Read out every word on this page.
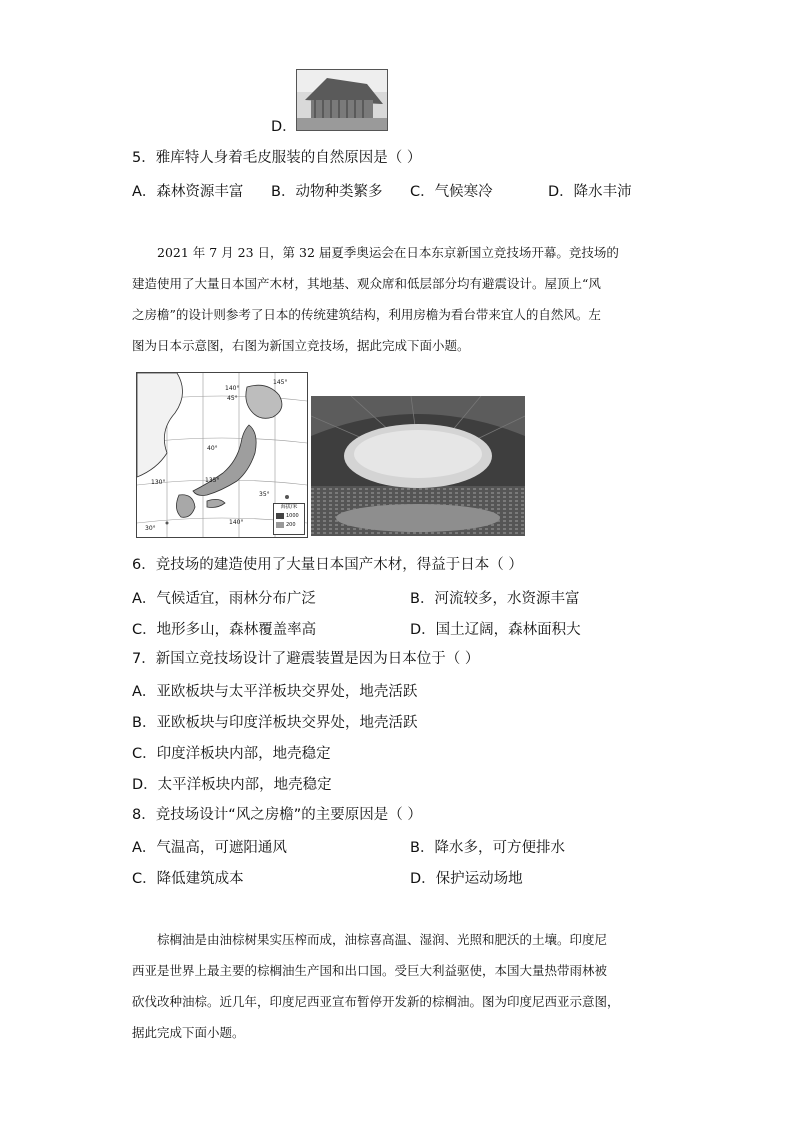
D．
5．雅库特人身着毛皮服装的自然原因是（ ）
A．森林资源丰富 B．动物种类繁多 C．气候寒冷	D．降水丰沛
2021 年 7 月 23 日，第 32 届夏季奥运会在日本东京新国立竞技场开幕。竞技场的
建造使用了大量日本国产木材，其地基、观众席和低层部分均有避震设计。屋顶上“风
之房檐”的设计则参考了日本的传统建筑结构，利用房檐为看台带来宜人的自然风。左
图为日本示意图，右图为新国立竞技场，据此完成下面小题。
140°
145°
135°
130°
140°
45°
40°
35°
30°
海拔/米
1000
200
6．竞技场的建造使用了大量日本国产木材，得益于日本（ ）
A．气候适宜，雨林分布广泛	B．河流较多，水资源丰富
C．地形多山，森林覆盖率高	D．国土辽阔，森林面积大
7．新国立竞技场设计了避震装置是因为日本位于（ ）
A．亚欧板块与太平洋板块交界处，地壳活跃
B．亚欧板块与印度洋板块交界处，地壳活跃
C．印度洋板块内部，地壳稳定
D．太平洋板块内部，地壳稳定
8．竞技场设计“风之房檐”的主要原因是（ ）
A．气温高，可遮阳通风	B．降水多，可方便排水
C．降低建筑成本	D．保护运动场地
棕榈油是由油棕树果实压榨而成，油棕喜高温、湿润、光照和肥沃的土壤。印度尼
西亚是世界上最主要的棕榈油生产国和出口国。受巨大利益驱使，本国大量热带雨林被
砍伐改种油棕。近几年，印度尼西亚宣布暂停开发新的棕榈油。图为印度尼西亚示意图，
据此完成下面小题。
